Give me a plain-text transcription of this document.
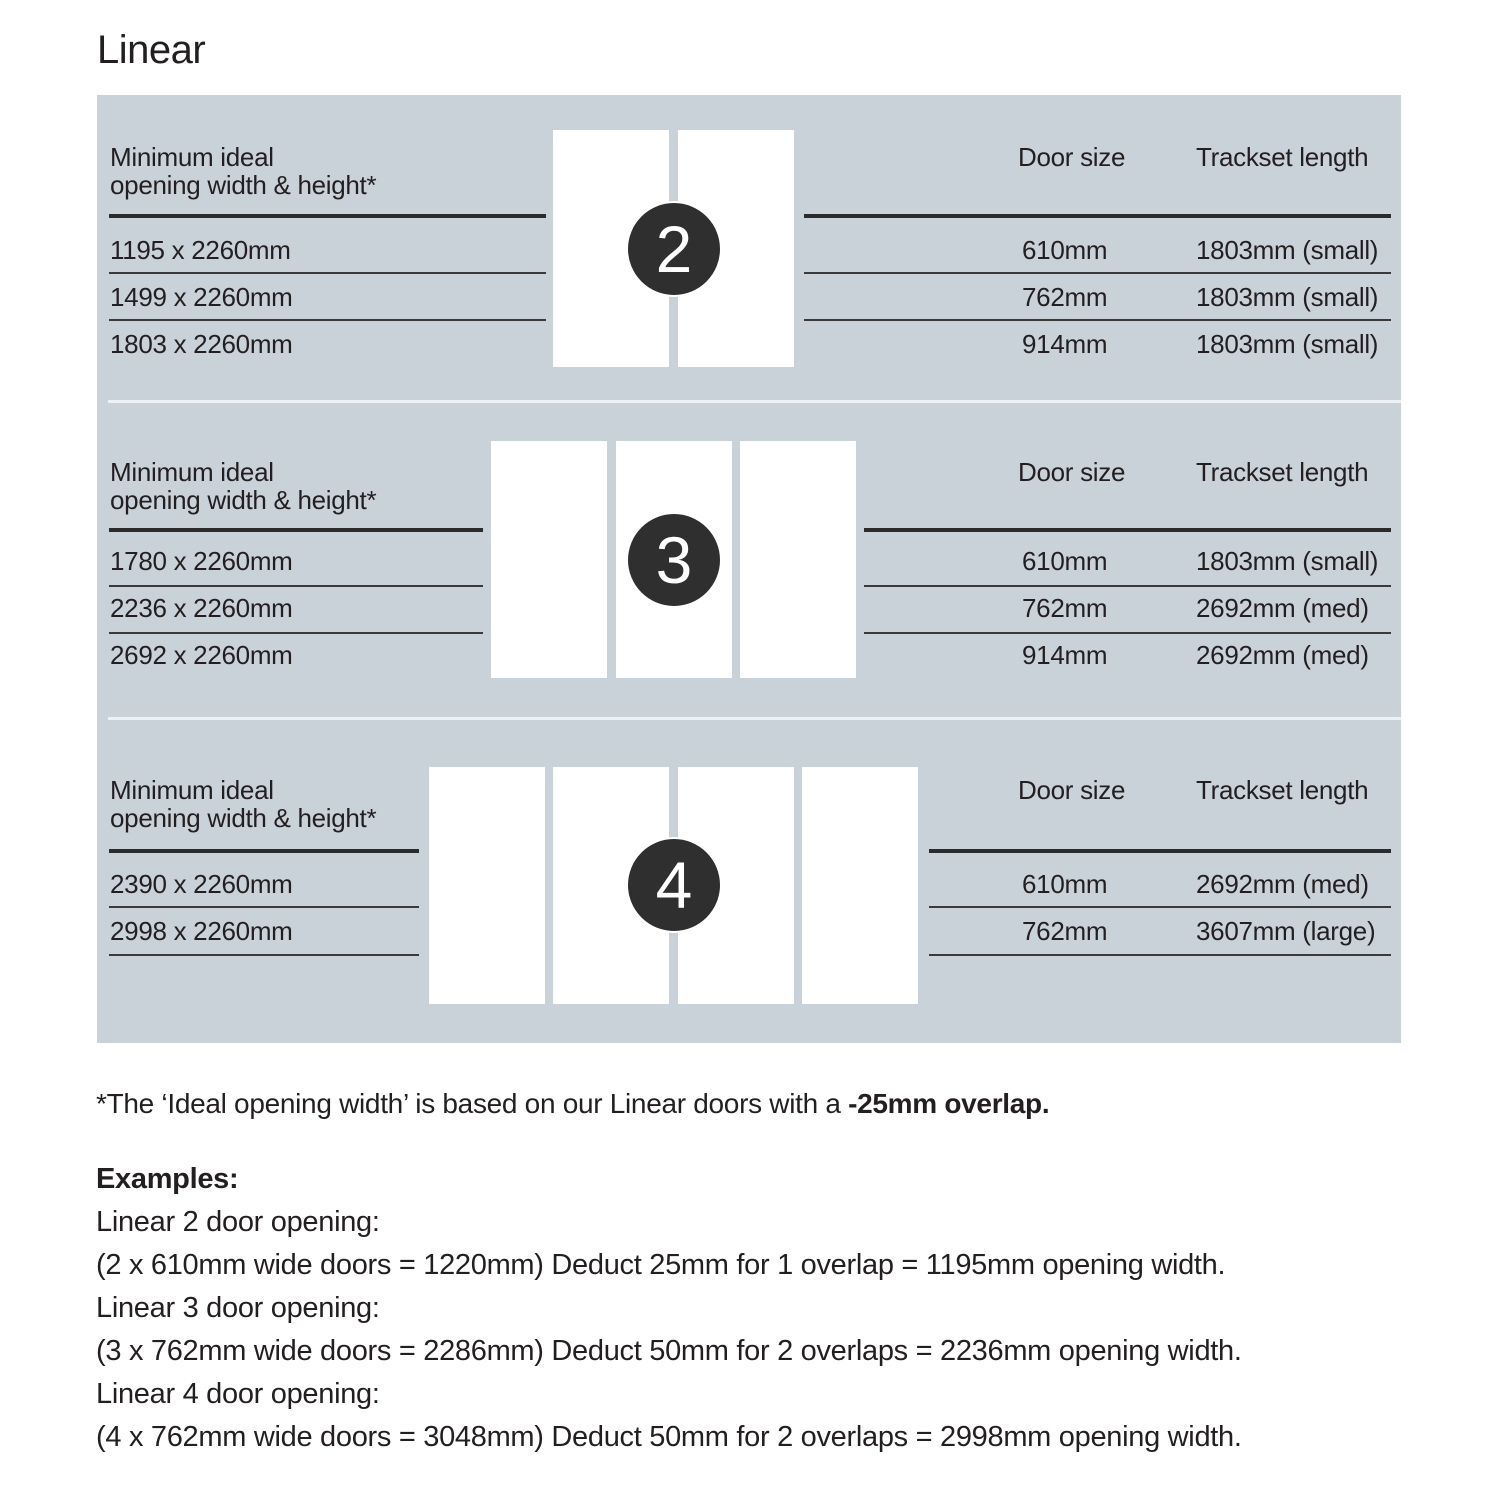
Linear
Minimum ideal
opening width & height*
Door size	Trackset length
1195 x 2260mm	610mm	1803mm (small)
1499 x 2260mm	762mm	1803mm (small)
1803 x 2260mm	914mm	1803mm (small)
2
Minimum ideal
opening width & height*
Door size	Trackset length
1780 x 2260mm	610mm	1803mm (small)
2236 x 2260mm	762mm	2692mm (med)
2692 x 2260mm	914mm	2692mm (med)
3
Minimum ideal
opening width & height*
Door size	Trackset length
2390 x 2260mm	610mm	2692mm (med)
2998 x 2260mm	762mm	3607mm (large)
4
*The ‘Ideal opening width’ is based on our Linear doors with a -25mm overlap.
Examples:
Linear 2 door opening:
(2 x 610mm wide doors = 1220mm) Deduct 25mm for 1 overlap = 1195mm opening width.
Linear 3 door opening:
(3 x 762mm wide doors = 2286mm) Deduct 50mm for 2 overlaps = 2236mm opening width.
Linear 4 door opening:
(4 x 762mm wide doors = 3048mm) Deduct 50mm for 2 overlaps = 2998mm opening width.
